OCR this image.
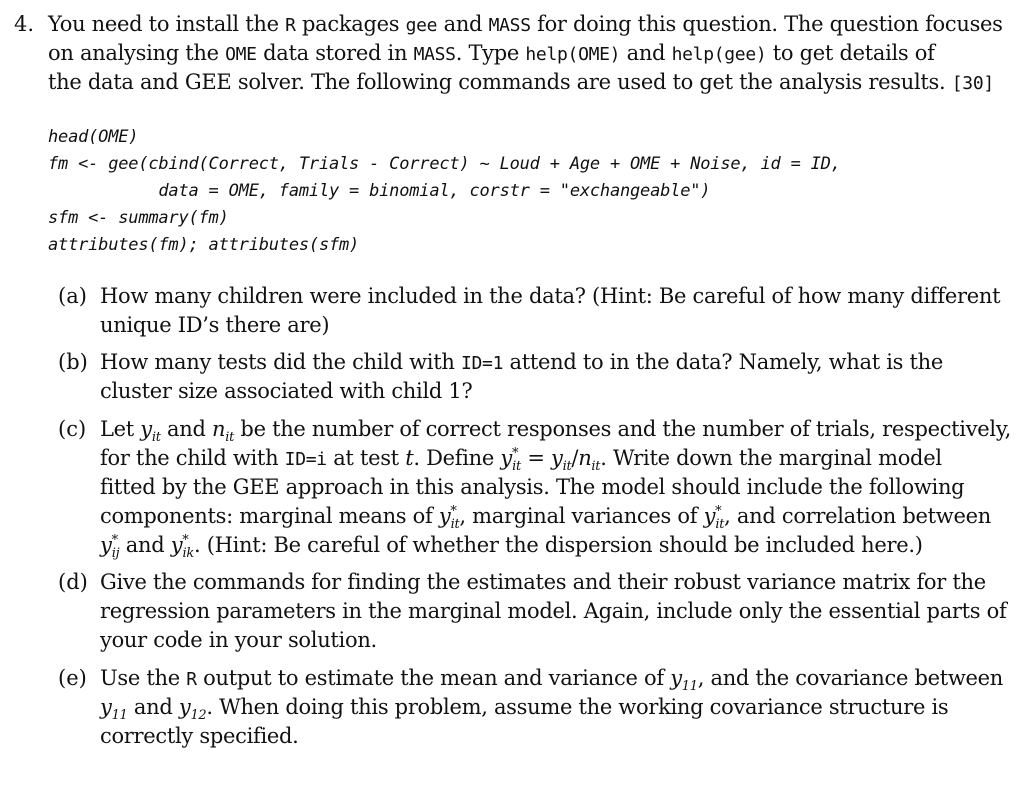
4. You need to install the R packages gee and MASS for doing this question. The question focuses
on analysing the OME data stored in MASS. Type help(OME) and help(gee) to get details of
the data and GEE solver. The following commands are used to get the analysis results. [30]
head(OME)
fm <- gee(cbind(Correct, Trials - Correct) ~ Loud + Age + OME + Noise, id = ID,
data = OME, family = binomial, corstr = "exchangeable")
sfm <- summary(fm)
attributes(fm); attributes(sfm)
(a) How many children were included in the data? (Hint: Be careful of how many different
unique ID’s there are)
(b) How many tests did the child with ID=1 attend to in the data? Namely, what is the
cluster size associated with child 1?
(c) Let $y_{it}$ and $n_{it}$ be the number of correct responses and the number of trials, respectively,
for the child with ID=i at test t. Define $y^*_{it} = y_{it}/n_{it}$. Write down the marginal model
fitted by the GEE approach in this analysis. The model should include the following
components: marginal means of $y^*_{it}$, marginal variances of $y^*_{it}$, and correlation between
$y^*_{ij}$ and $y^*_{ik}$. (Hint: Be careful of whether the dispersion should be included here.)
(d) Give the commands for finding the estimates and their robust variance matrix for the
regression parameters in the marginal model. Again, include only the essential parts of
your code in your solution.
(e) Use the R output to estimate the mean and variance of $y_{11}$, and the covariance between
$y_{11}$ and $y_{12}$. When doing this problem, assume the working covariance structure is
correctly specified.
